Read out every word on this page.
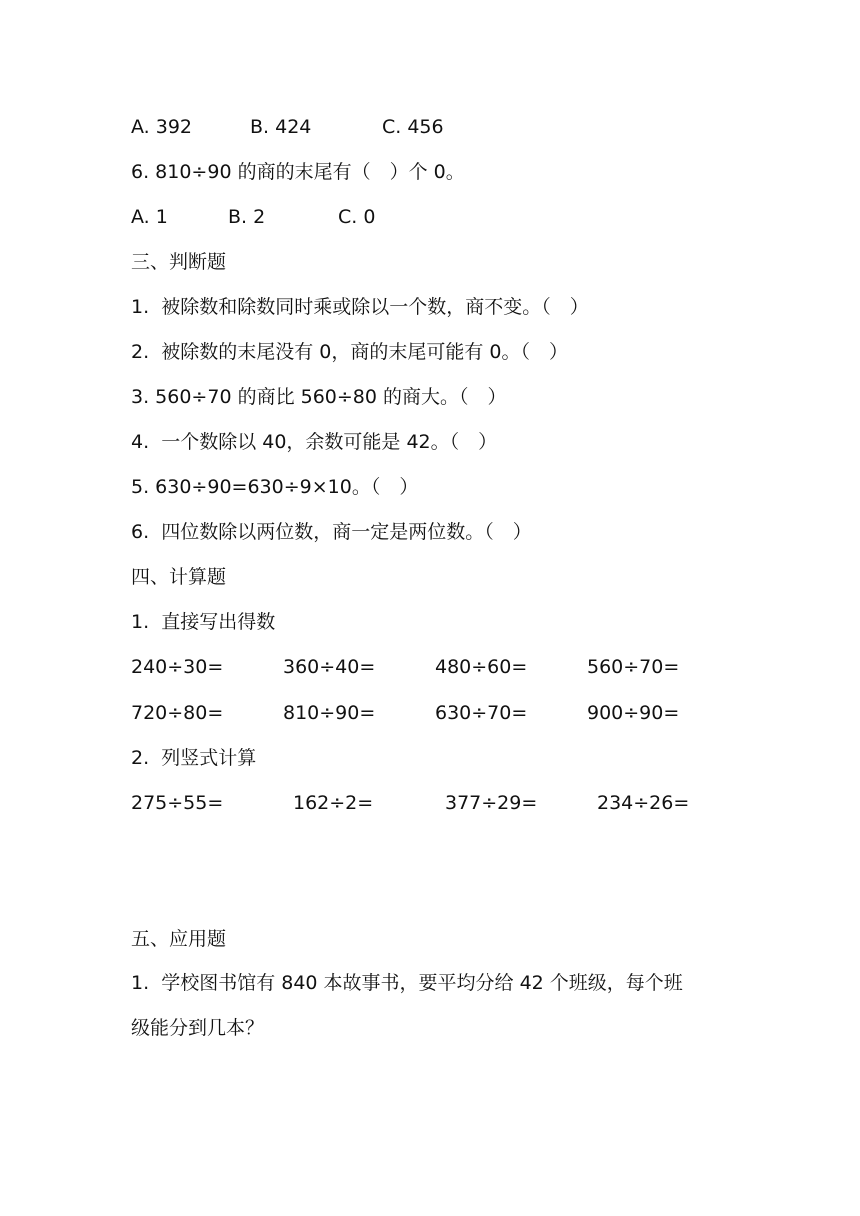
A. 392	B. 424	C. 456
6. 810÷90 的商的末尾有（　）个 0。
A. 1	B. 2	C. 0
三、判断题
1.  被除数和除数同时乘或除以一个数，商不变。（　）
2.  被除数的末尾没有 0，商的末尾可能有 0。（　）
3. 560÷70 的商比 560÷80 的商大。（　）
4.  一个数除以 40，余数可能是 42。（　）
5. 630÷90=630÷9×10。（　）
6.  四位数除以两位数，商一定是两位数。（　）
四、计算题
1.  直接写出得数
240÷30=	360÷40=	480÷60=	560÷70=
720÷80=	810÷90=	630÷70=	900÷90=
2.  列竖式计算
275÷55=	162÷2=	377÷29=	234÷26=
五、应用题
1.  学校图书馆有 840 本故事书，要平均分给 42 个班级，每个班
级能分到几本？
